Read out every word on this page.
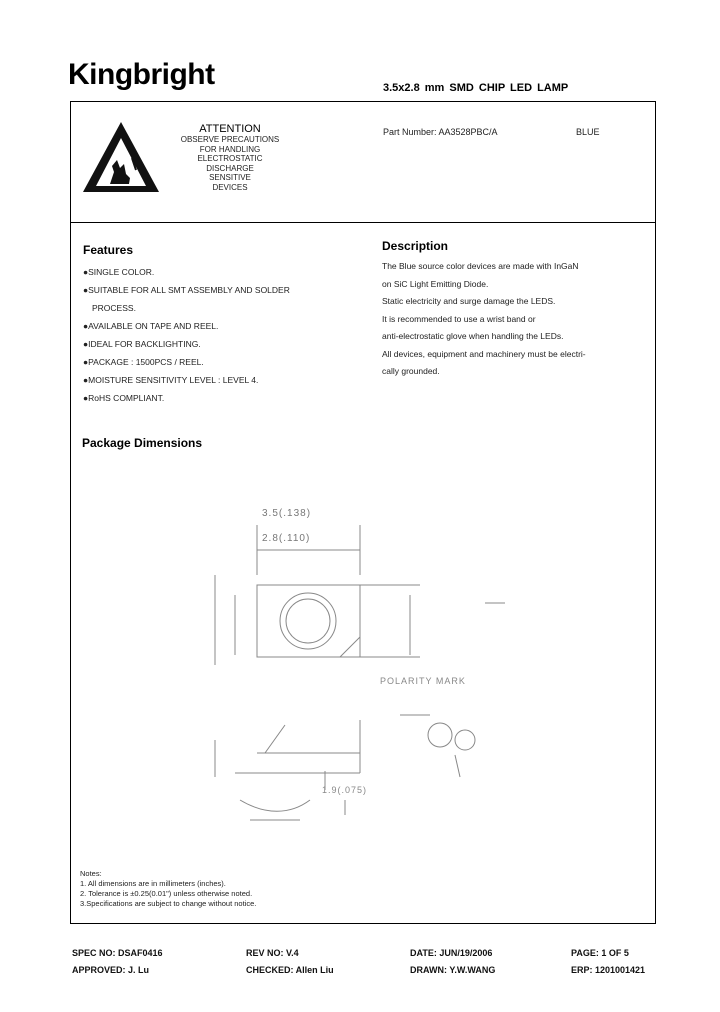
Kingbright	3.5x2.8 mm SMD CHIP LED LAMP
ATTENTION
OBSERVE PRECAUTIONS
FOR HANDLING
ELECTROSTATIC
DISCHARGE
SENSITIVE
DEVICES
Part Number: AA3528PBC/A	BLUE
Features
●SINGLE COLOR.
●SUITABLE FOR ALL SMT ASSEMBLY AND SOLDER
PROCESS.
●AVAILABLE ON TAPE AND REEL.
●IDEAL FOR BACKLIGHTING.
●PACKAGE : 1500PCS / REEL.
●MOISTURE SENSITIVITY LEVEL : LEVEL 4.
●RoHS COMPLIANT.
Description
The Blue source color devices are made with InGaN
on SiC Light Emitting Diode.
Static electricity and surge damage the LEDS.
It is recommended to use a wrist band or
anti-electrostatic glove when handling the LEDs.
All devices, equipment and machinery must be electri-
cally grounded.
Package Dimensions
3.5(.138)
2.8(.110)
POLARITY MARK
1.9(.075)
Notes:
1. All dimensions are in millimeters (inches).
2. Tolerance is ±0.25(0.01") unless otherwise noted.
3.Specifications are subject to change without notice.
SPEC NO: DSAF0416	REV NO: V.4	DATE: JUN/19/2006	PAGE: 1 OF 5
APPROVED: J. Lu	CHECKED: Allen Liu	DRAWN: Y.W.WANG	ERP: 1201001421
